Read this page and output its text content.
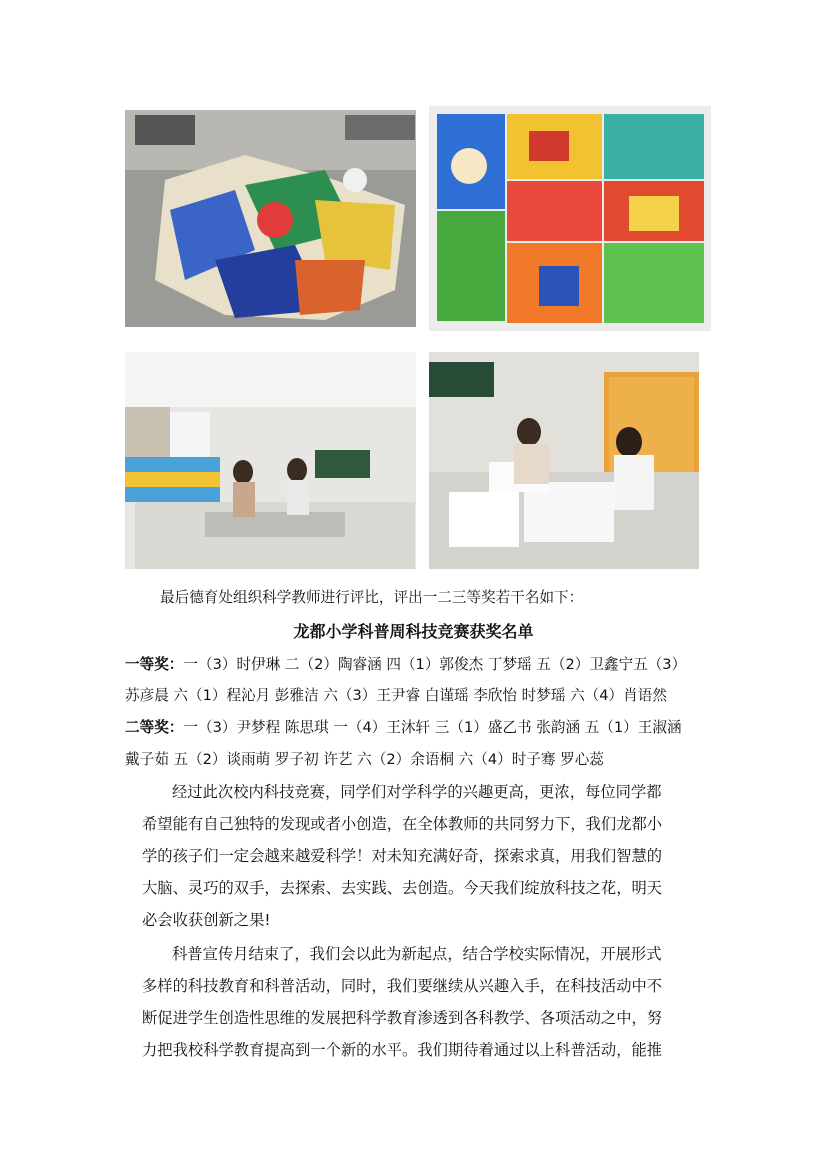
最后德育处组织科学教师进行评比，评出一二三等奖若干名如下：
龙都小学科普周科技竞赛获奖名单
一等奖：一（3）时伊琳 二（2）陶睿涵 四（1）郭俊杰 丁梦瑶 五（2）卫鑫宁五（3）
苏彦晨 六（1）程沁月 彭雅洁 六（3）王尹睿 白谨瑶 李欣怡 时梦瑶 六（4）肖语然
二等奖：一（3）尹梦程 陈思琪 一（4）王沐轩 三（1）盛乙书 张韵涵 五（1）王淑涵
戴子茹 五（2）谈雨萌 罗子初 许艺 六（2）余语桐 六（4）时子骞 罗心蕊
经过此次校内科技竞赛，同学们对学科学的兴趣更高，更浓，每位同学都
希望能有自己独特的发现或者小创造，在全体教师的共同努力下，我们龙都小
学的孩子们一定会越来越爱科学！对未知充满好奇，探索求真，用我们智慧的
大脑、灵巧的双手，去探索、去实践、去创造。今天我们绽放科技之花，明天
必会收获创新之果!
科普宣传月结束了，我们会以此为新起点，结合学校实际情况，开展形式
多样的科技教育和科普活动，同时，我们要继续从兴趣入手，在科技活动中不
断促进学生创造性思维的发展把科学教育渗透到各科教学、各项活动之中，努
力把我校科学教育提高到一个新的水平。我们期待着通过以上科普活动，能推
